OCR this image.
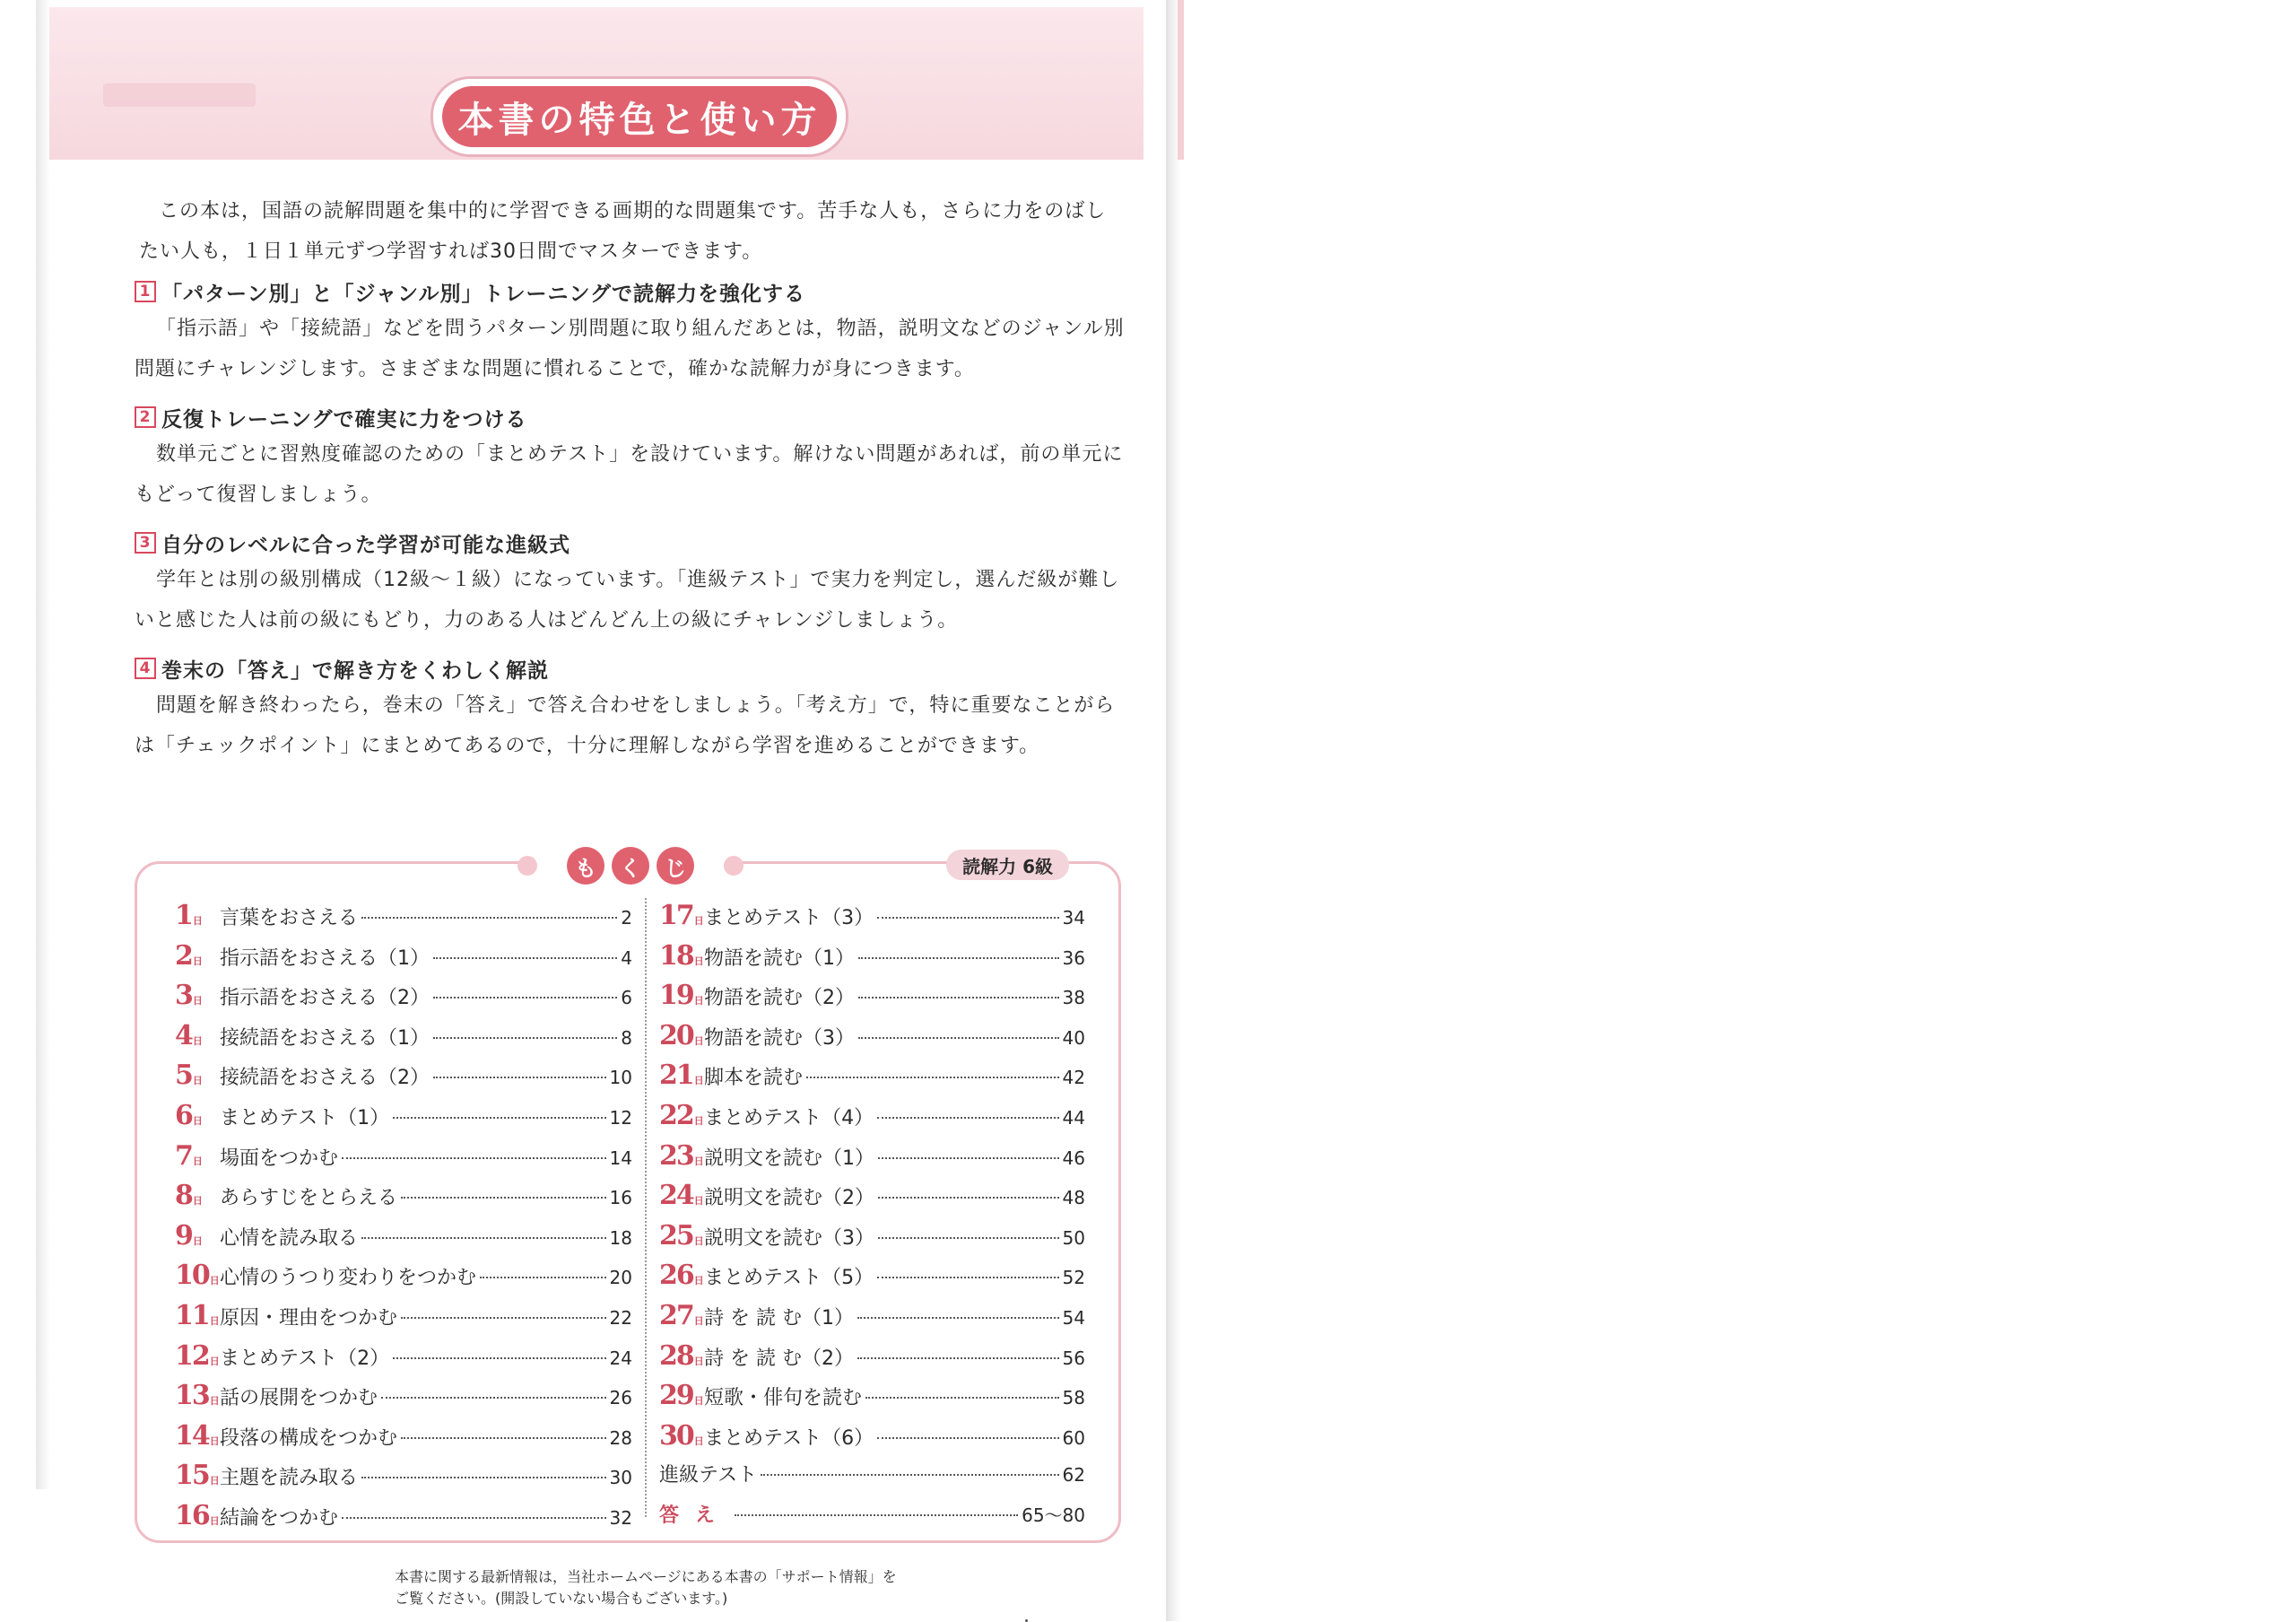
本書の特色と使い方

この本は，国語の読解問題を集中的に学習できる画期的な問題集です。苦手な人も，さらに力をのばしたい人も，１日１単元ずつ学習すれば30日間でマスターできます。

1 「パターン別」と「ジャンル別」トレーニングで読解力を強化する

「指示語」や「接続語」などを問うパターン別問題に取り組んだあとは，物語，説明文などのジャンル別問題にチャレンジします。さまざまな問題に慣れることで，確かな読解力が身につきます。

2 反復トレーニングで確実に力をつける

数単元ごとに習熟度確認のための「まとめテスト」を設けています。解けない問題があれば，前の単元にもどって復習しましょう。

3 自分のレベルに合った学習が可能な進級式

学年とは別の級別構成（12級～１級）になっています。「進級テスト」で実力を判定し，選んだ級が難しいと感じた人は前の級にもどり，力のある人はどんどん上の級にチャレンジしましょう。

4 巻末の「答え」で解き方をくわしく解説

問題を解き終わったら，巻末の「答え」で答え合わせをしましょう。「考え方」で，特に重要なことがらは「チェックポイント」にまとめてあるので，十分に理解しながら学習を進めることができます。

も	く	じ	読解力 6級
1 日	言葉をおさえる	2
2 日	指示語をおさえる（1）	4
3 日	指示語をおさえる（2）	6
4 日	接続語をおさえる（1）	8
5 日	接続語をおさえる（2）	10
6 日	まとめテスト（1）	12
7 日	場面をつかむ	14
8 日	あらすじをとらえる	16
9 日	心情を読み取る	18
10 日 心情のうつり変わりをつかむ	20
11 日 原因・理由をつかむ	22
12 日 まとめテスト（2）	24
13 日 話の展開をつかむ	26
14 日 段落の構成をつかむ	28
15 日 主題を読み取る	30
16 日 結論をつかむ	32
17 日 まとめテスト（3）	34
18 日 物語を読む（1）	36
19 日 物語を読む（2）	38
20 日 物語を読む（3）	40
21 日 脚本を読む	42
22 日 まとめテスト（4）	44
23 日 説明文を読む（1）	46
24 日 説明文を読む（2）	48
25 日 説明文を読む（3）	50
26 日 まとめテスト（5）	52
27 日 詩 を 読 む（1）	54
28 日 詩 を 読 む（2）	56
29 日 短歌・俳句を読む	58
30 日 まとめテスト（6）	60
進級テスト	62
答え	65～80
本書に関する最新情報は，当社ホームページにある本書の「サポート情報」を
ご覧ください。(開設していない場合もございます。)
